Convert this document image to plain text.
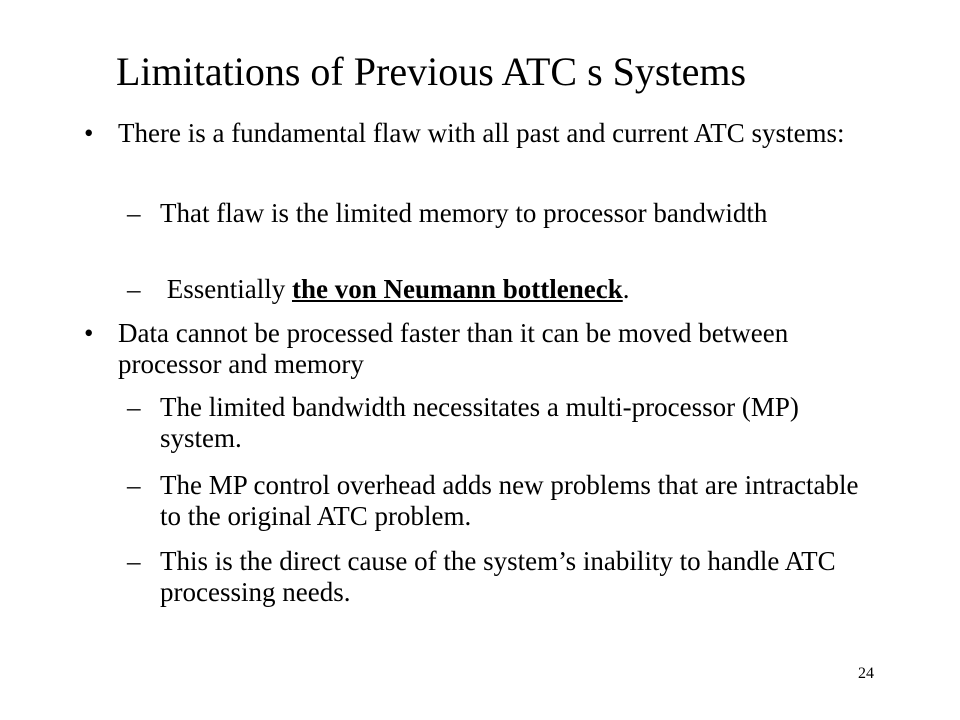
Limitations of Previous ATC s Systems
• There is a fundamental flaw with all past and current ATC systems:
– That flaw is the limited memory to processor bandwidth
– Essentially the von Neumann bottleneck.
• Data cannot be processed faster than it can be moved between processor and memory
– The limited bandwidth necessitates a multi-processor (MP) system.
– The MP control overhead adds new problems that are intractable to the original ATC problem.
– This is the direct cause of the system’s inability to handle ATC processing needs.
24
